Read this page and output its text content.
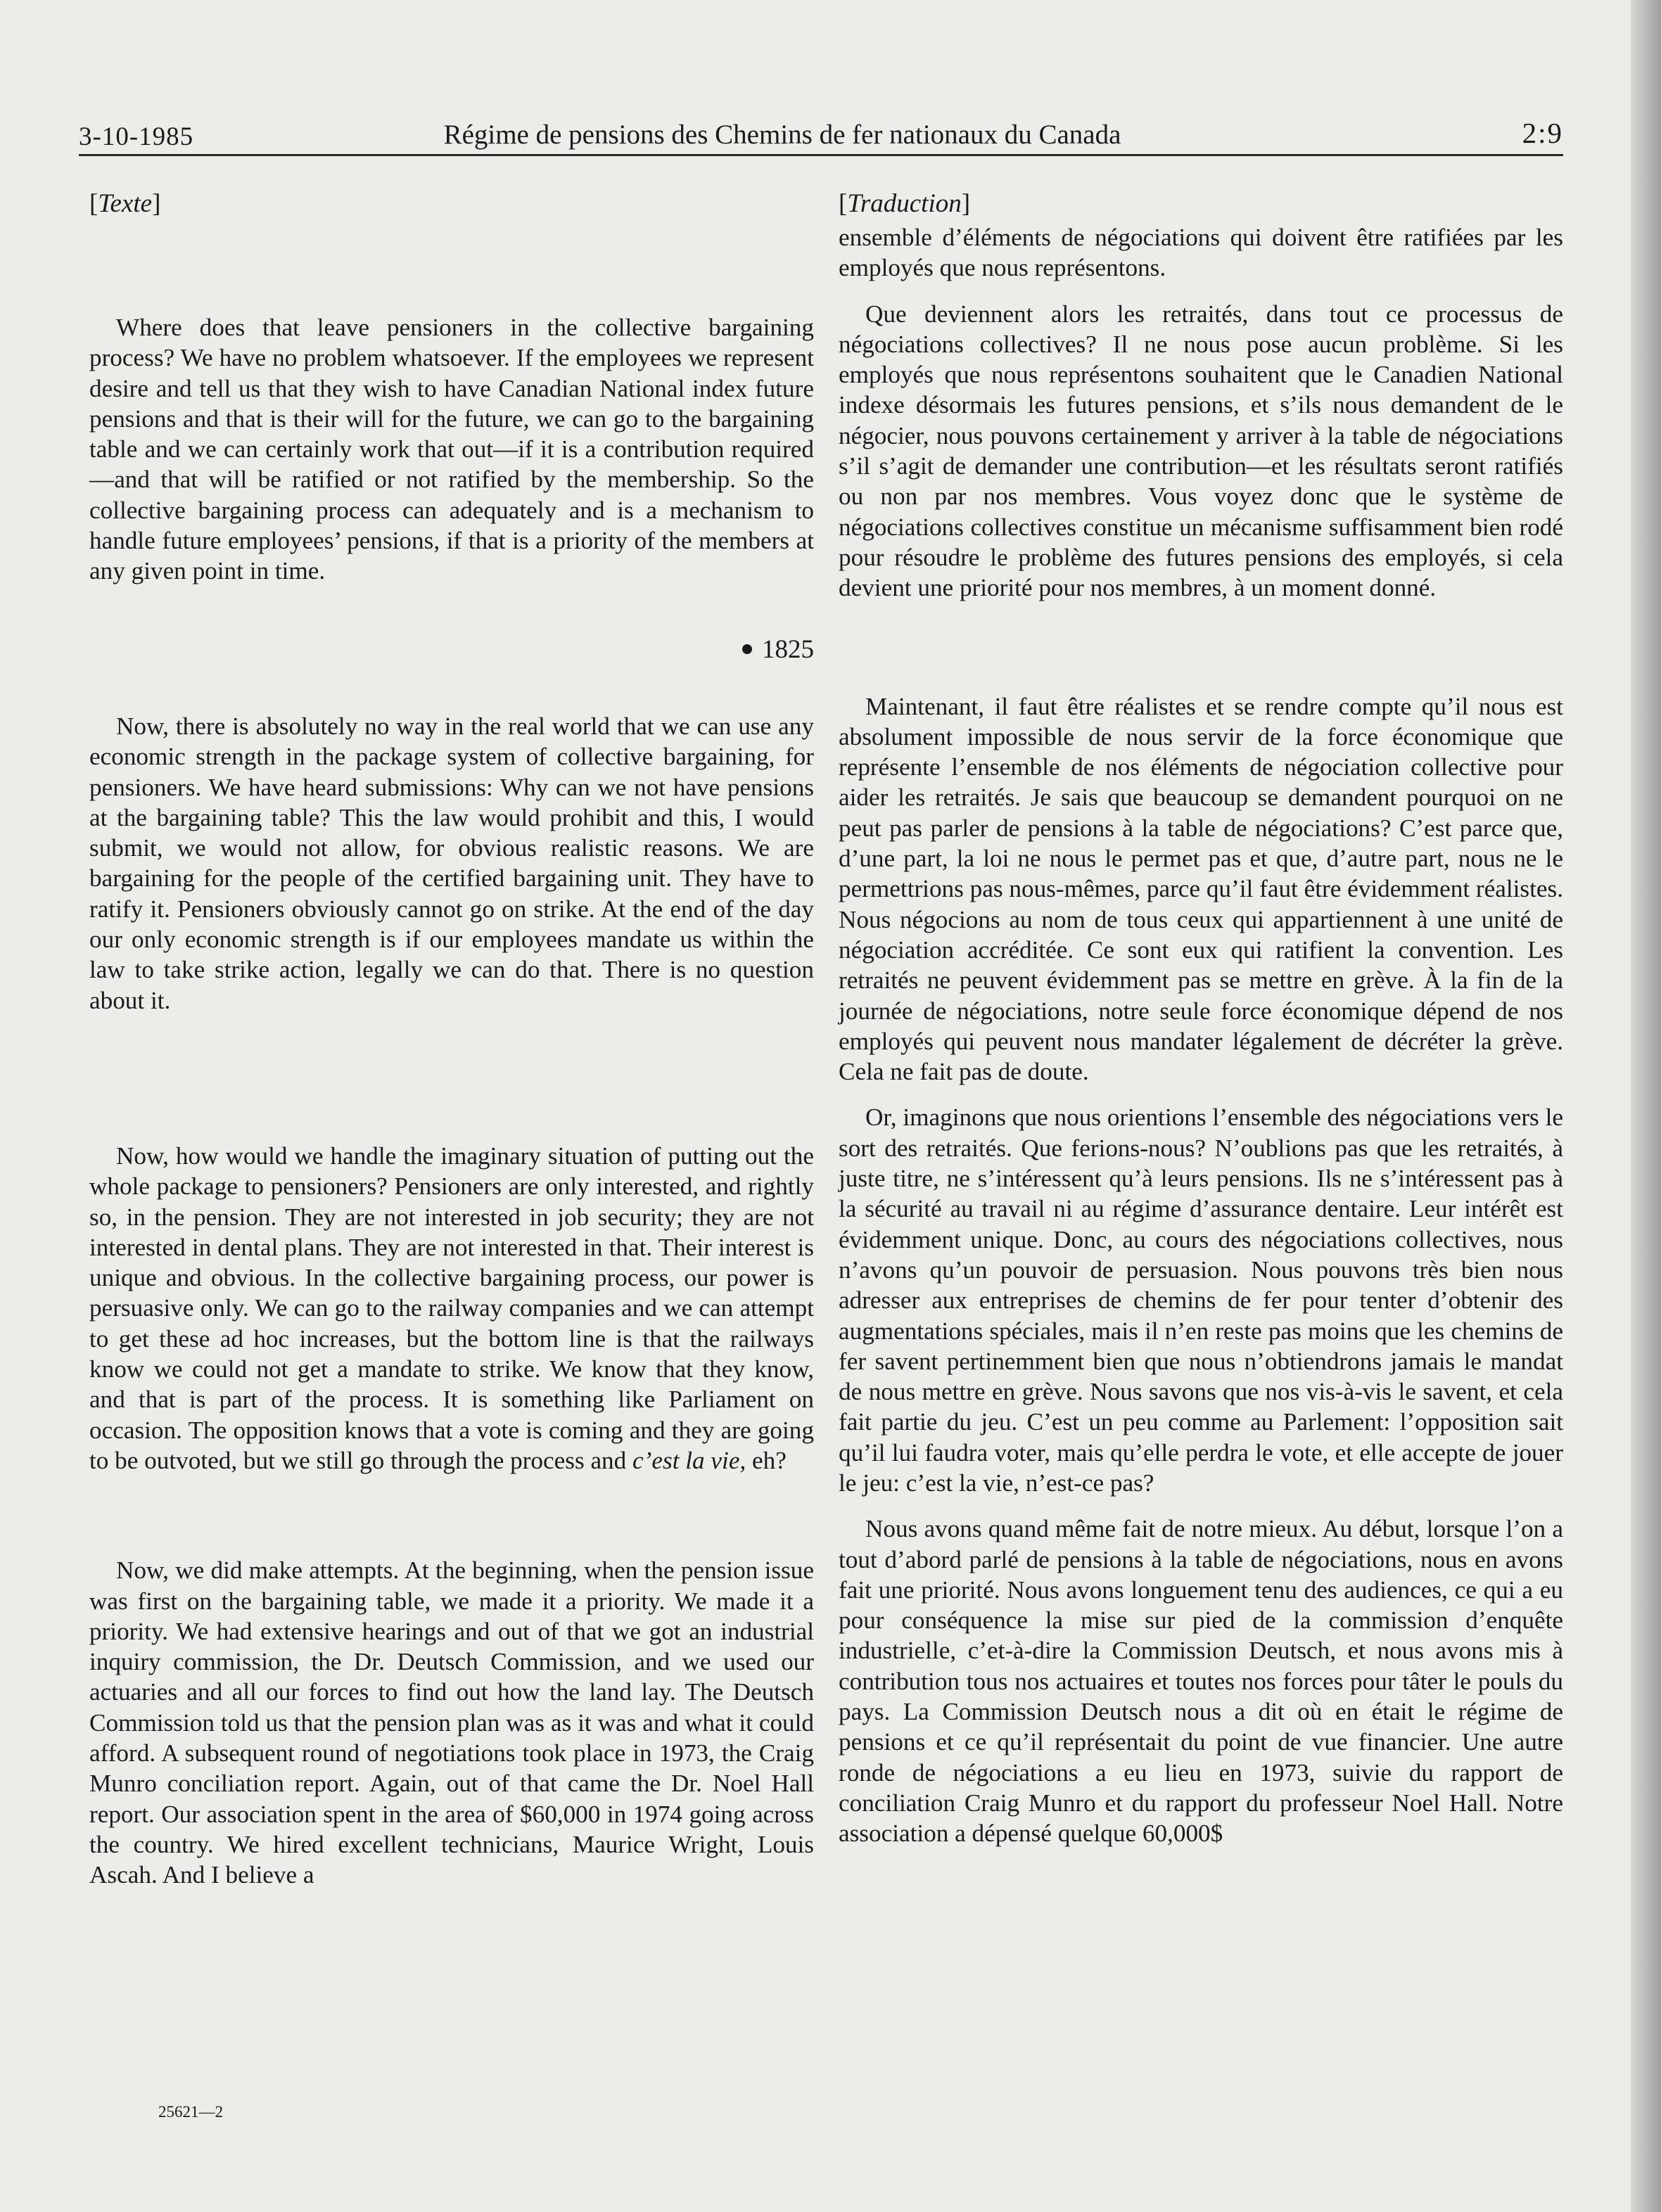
3-10-1985	Régime de pensions des Chemins de fer nationaux du Canada	2:9
[Texte]

Where does that leave pensioners in the collective bargaining process? We have no problem whatsoever. If the employees we represent desire and tell us that they wish to have Canadian National index future pensions and that is their will for the future, we can go to the bargaining table and we can certainly work that out—if it is a contribution required—and that will be ratified or not ratified by the membership. So the collective bargaining process can adequately and is a mechanism to handle future employees’ pensions, if that is a priority of the members at any given point in time.

1825

Now, there is absolutely no way in the real world that we can use any economic strength in the package system of collective bargaining, for pensioners. We have heard submissions: Why can we not have pensions at the bargaining table? This the law would prohibit and this, I would submit, we would not allow, for obvious realistic reasons. We are bargaining for the people of the certified bargaining unit. They have to ratify it. Pensioners obviously cannot go on strike. At the end of the day our only economic strength is if our employees mandate us within the law to take strike action, legally we can do that. There is no question about it.

Now, how would we handle the imaginary situation of putting out the whole package to pensioners? Pensioners are only interested, and rightly so, in the pension. They are not interested in job security; they are not interested in dental plans. They are not interested in that. Their interest is unique and obvious. In the collective bargaining process, our power is persuasive only. We can go to the railway companies and we can attempt to get these ad hoc increases, but the bottom line is that the railways know we could not get a mandate to strike. We know that they know, and that is part of the process. It is something like Parliament on occasion. The opposition knows that a vote is coming and they are going to be outvoted, but we still go through the process and c’est la vie, eh?

Now, we did make attempts. At the beginning, when the pension issue was first on the bargaining table, we made it a priority. We made it a priority. We had extensive hearings and out of that we got an industrial inquiry commission, the Dr. Deutsch Commission, and we used our actuaries and all our forces to find out how the land lay. The Deutsch Commission told us that the pension plan was as it was and what it could afford. A subsequent round of negotiations took place in 1973, the Craig Munro conciliation report. Again, out of that came the Dr. Noel Hall report. Our association spent in the area of $60,000 in 1974 going across the country. We hired excellent technicians, Maurice Wright, Louis Ascah. And I believe a

[Traduction]

ensemble d’éléments de négociations qui doivent être ratifiées par les employés que nous représentons.

Que deviennent alors les retraités, dans tout ce processus de négociations collectives? Il ne nous pose aucun problème. Si les employés que nous représentons souhaitent que le Canadien National indexe désormais les futures pensions, et s’ils nous demandent de le négocier, nous pouvons certainement y arriver à la table de négociations s’il s’agit de demander une contribution—et les résultats seront ratifiés ou non par nos membres. Vous voyez donc que le système de négociations collectives constitue un mécanisme suffisamment bien rodé pour résoudre le problème des futures pensions des employés, si cela devient une priorité pour nos membres, à un moment donné.

Maintenant, il faut être réalistes et se rendre compte qu’il nous est absolument impossible de nous servir de la force économique que représente l’ensemble de nos éléments de négociation collective pour aider les retraités. Je sais que beaucoup se demandent pourquoi on ne peut pas parler de pensions à la table de négociations? C’est parce que, d’une part, la loi ne nous le permet pas et que, d’autre part, nous ne le permettrions pas nous-mêmes, parce qu’il faut être évidemment réalistes. Nous négocions au nom de tous ceux qui appartiennent à une unité de négociation accréditée. Ce sont eux qui ratifient la convention. Les retraités ne peuvent évidemment pas se mettre en grève. À la fin de la journée de négociations, notre seule force économique dépend de nos employés qui peuvent nous mandater légalement de décréter la grève. Cela ne fait pas de doute.

Or, imaginons que nous orientions l’ensemble des négociations vers le sort des retraités. Que ferions-nous? N’oublions pas que les retraités, à juste titre, ne s’intéressent qu’à leurs pensions. Ils ne s’intéressent pas à la sécurité au travail ni au régime d’assurance dentaire. Leur intérêt est évidemment unique. Donc, au cours des négociations collectives, nous n’avons qu’un pouvoir de persuasion. Nous pouvons très bien nous adresser aux entreprises de chemins de fer pour tenter d’obtenir des augmentations spéciales, mais il n’en reste pas moins que les chemins de fer savent pertinemment bien que nous n’obtiendrons jamais le mandat de nous mettre en grève. Nous savons que nos vis-à-vis le savent, et cela fait partie du jeu. C’est un peu comme au Parlement: l’opposition sait qu’il lui faudra voter, mais qu’elle perdra le vote, et elle accepte de jouer le jeu: c’est la vie, n’est-ce pas?

Nous avons quand même fait de notre mieux. Au début, lorsque l’on a tout d’abord parlé de pensions à la table de négociations, nous en avons fait une priorité. Nous avons longuement tenu des audiences, ce qui a eu pour conséquence la mise sur pied de la commission d’enquête industrielle, c’et-à-dire la Commission Deutsch, et nous avons mis à contribution tous nos actuaires et toutes nos forces pour tâter le pouls du pays. La Commission Deutsch nous a dit où en était le régime de pensions et ce qu’il représentait du point de vue financier. Une autre ronde de négociations a eu lieu en 1973, suivie du rapport de conciliation Craig Munro et du rapport du professeur Noel Hall. Notre association a dépensé quelque 60,000$

25621—2
